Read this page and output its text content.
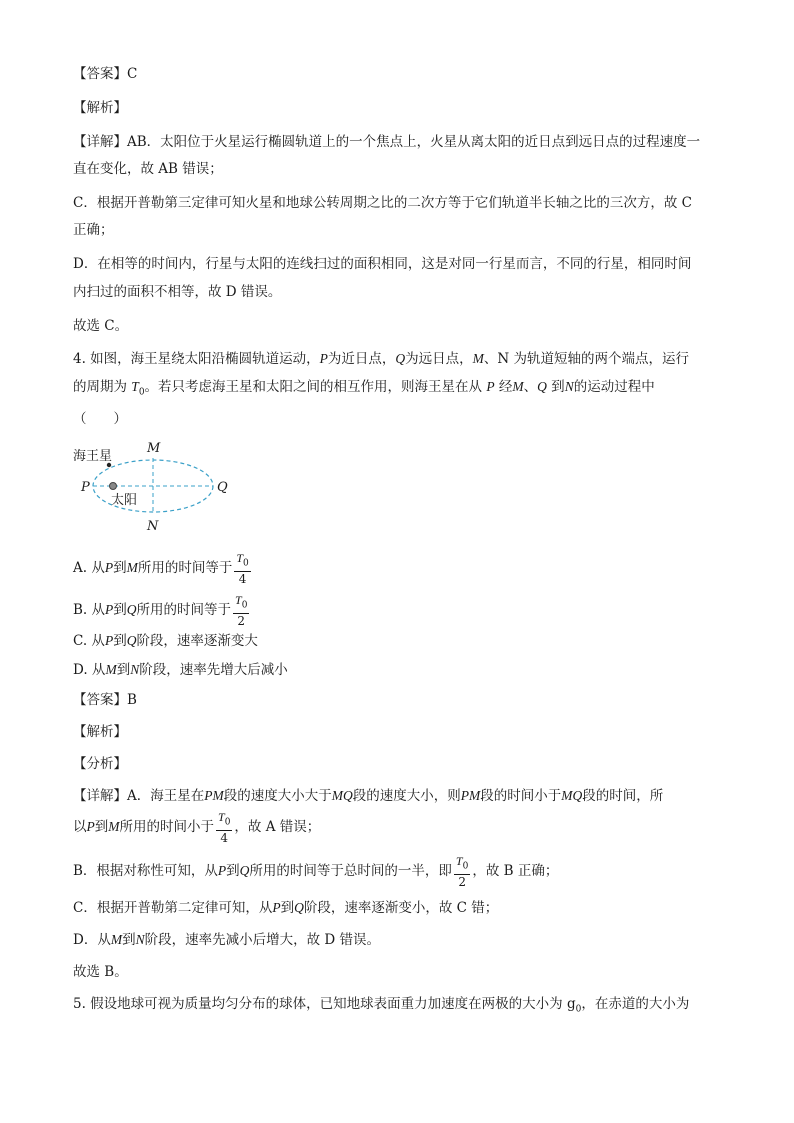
【答案】C
【解析】
【详解】AB．太阳位于火星运行椭圆轨道上的一个焦点上，火星从离太阳的近日点到远日点的过程速度一
直在变化，故 AB 错误；
C．根据开普勒第三定律可知火星和地球公转周期之比的二次方等于它们轨道半长轴之比的三次方，故 C
正确；
D．在相等的时间内，行星与太阳的连线扫过的面积相同，这是对同一行星而言，不同的行星，相同时间
内扫过的面积不相等，故 D 错误。
故选 C。
4. 如图，海王星绕太阳沿椭圆轨道运动，P为近日点，Q为远日点，M、N 为轨道短轴的两个端点，运行
的周期为 $T_0$。若只考虑海王星和太阳之间的相互作用，则海王星在从 P 经M、Q 到N的运动过程中
（　　）
海王星
太阳
M
N
P	Q
A. 从P到M所用的时间等于 $\frac{T_0}{4}$
B. 从P到Q所用的时间等于 $\frac{T_0}{2}$
C. 从P到Q阶段，速率逐渐变大
D. 从M到N阶段，速率先增大后减小
【答案】B
【解析】
【分析】
【详解】A．海王星在PM段的速度大小大于MQ段的速度大小，则PM段的时间小于MQ段的时间，所
以P到M所用的时间小于 $\frac{T_0}{4}$ ，故 A 错误；
B．根据对称性可知，从P到Q所用的时间等于总时间的一半，即 $\frac{T_0}{2}$ ，故 B 正确；
C．根据开普勒第二定律可知，从P到Q阶段，速率逐渐变小，故 C 错；
D．从M到N阶段，速率先减小后增大，故 D 错误。
故选 B。
5. 假设地球可视为质量均匀分布的球体，已知地球表面重力加速度在两极的大小为 $g_0$，在赤道的大小为
